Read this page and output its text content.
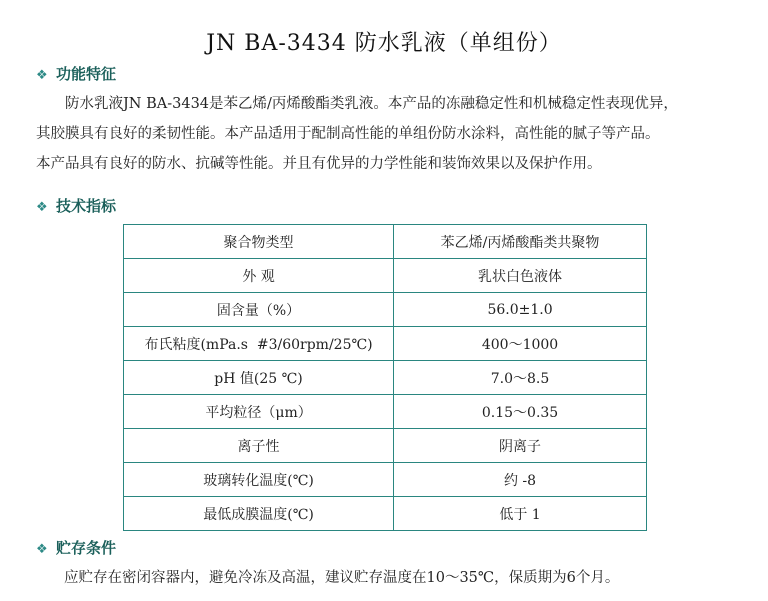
JN BA-3434 防水乳液（单组份）
❖ 功能特征
防水乳液JN BA-3434是苯乙烯/丙烯酸酯类乳液。本产品的冻融稳定性和机械稳定性表现优异，
其胶膜具有良好的柔韧性能。本产品适用于配制高性能的单组份防水涂料，高性能的腻子等产品。
本产品具有良好的防水、抗碱等性能。并且有优异的力学性能和装饰效果以及保护作用。
❖ 技术指标
聚合物类型	苯乙烯/丙烯酸酯类共聚物
外 观	乳状白色液体
固含量（%）	56.0±1.0
布氏粘度(mPa.s  #3/60rpm/25℃)	400～1000
pH 值(25 ℃)	7.0～8.5
平均粒径（μm）	0.15～0.35
离子性	阴离子
玻璃转化温度(℃)	约 -8
最低成膜温度(℃)	低于 1
❖ 贮存条件
应贮存在密闭容器内，避免冷冻及高温，建议贮存温度在10～35℃，保质期为6个月。
